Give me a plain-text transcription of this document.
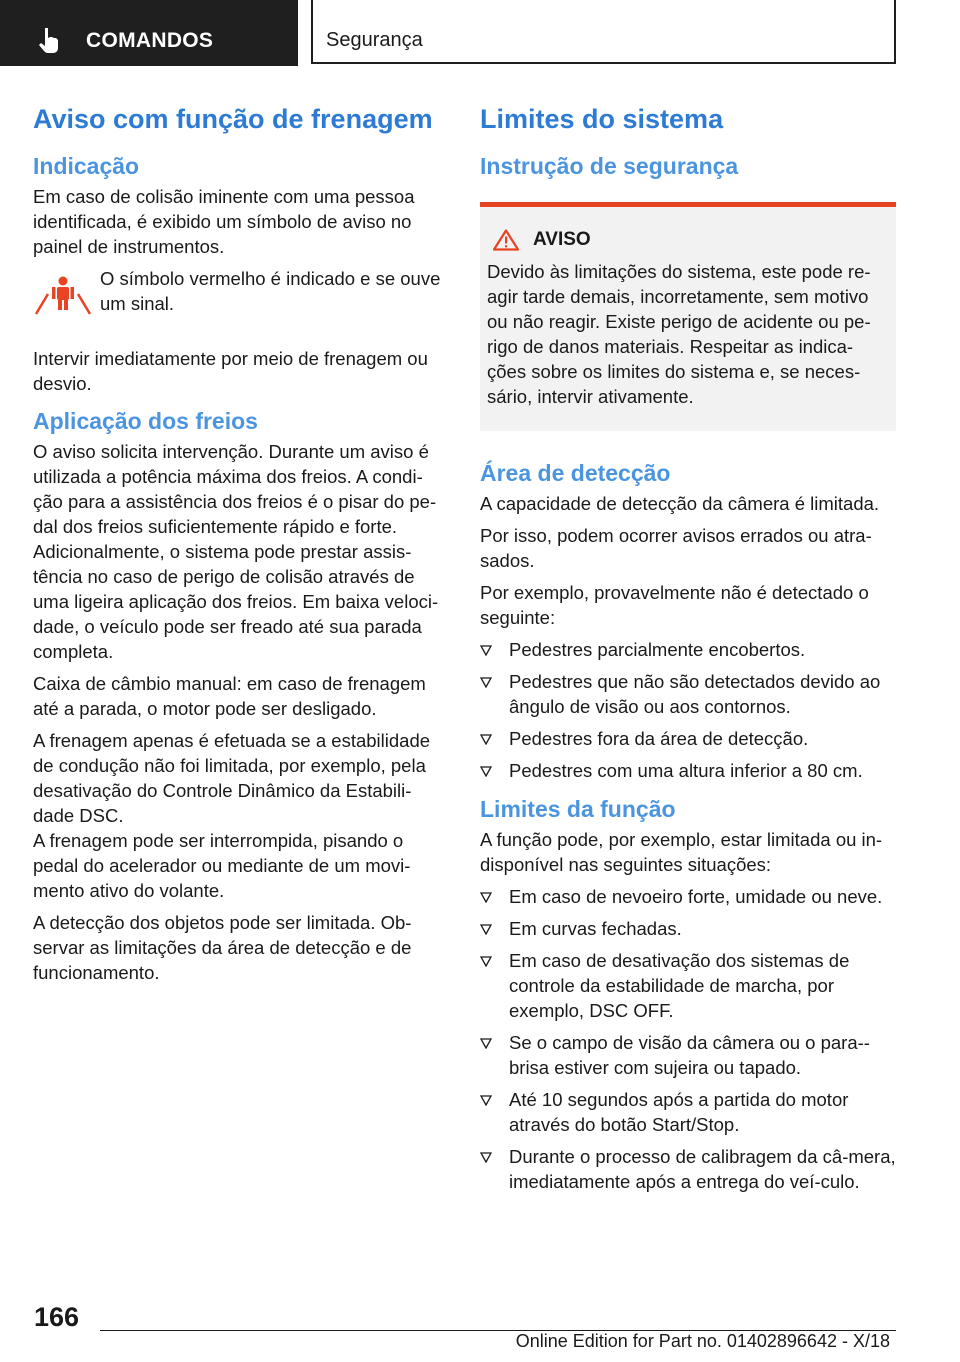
COMANDOS	Segurança
Aviso com função de frenagem
Indicação

Em caso de colisão iminente com uma pessoa identificada, é exibido um símbolo de aviso no painel de instrumentos.

O símbolo vermelho é indicado e se ouve um sinal.

Intervir imediatamente por meio de frenagem ou desvio.

Aplicação dos freios

O aviso solicita intervenção. Durante um aviso é utilizada a potência máxima dos freios. A condi‐ção para a assistência dos freios é o pisar do pe‐dal dos freios suficientemente rápido e forte.

Adicionalmente, o sistema pode prestar assis‐tência no caso de perigo de colisão através de uma ligeira aplicação dos freios. Em baixa veloci‐dade, o veículo pode ser freado até sua parada completa.

Caixa de câmbio manual: em caso de frenagem até a parada, o motor pode ser desligado.

A frenagem apenas é efetuada se a estabilidade de condução não foi limitada, por exemplo, pela desativação do Controle Dinâmico da Estabili‐dade DSC.

A frenagem pode ser interrompida, pisando o pedal do acelerador ou mediante de um movi‐mento ativo do volante.

A detecção dos objetos pode ser limitada. Ob‐servar as limitações da área de detecção e de funcionamento.

Limites do sistema
Instrução de segurança
AVISO

Devido às limitações do sistema, este pode re‐agir tarde demais, incorretamente, sem motivo ou não reagir. Existe perigo de acidente ou pe‐rigo de danos materiais. Respeitar as indica‐ções sobre os limites do sistema e, se neces‐sário, intervir ativamente.

Área de detecção

A capacidade de detecção da câmera é limitada.

Por isso, podem ocorrer avisos errados ou atra‐sados.

Por exemplo, provavelmente não é detectado o seguinte:

Pedestres parcialmente encobertos.
Pedestres que não são detectados devido ao ângulo de visão ou aos contornos.
Pedestres fora da área de detecção.
Pedestres com uma altura inferior a 80 cm.
Limites da função

A função pode, por exemplo, estar limitada ou in‐disponível nas seguintes situações:

Em caso de nevoeiro forte, umidade ou neve.
Em curvas fechadas.
Em caso de desativação dos sistemas de controle da estabilidade de marcha, por exemplo, DSC OFF.
Se o campo de visão da câmera ou o para‐-brisa estiver com sujeira ou tapado.
Até 10 segundos após a partida do motor através do botão Start/Stop.
Durante o processo de calibragem da câ‐mera, imediatamente após a entrega do veí‐culo.
166
Online Edition for Part no. 01402896642 - X/18
